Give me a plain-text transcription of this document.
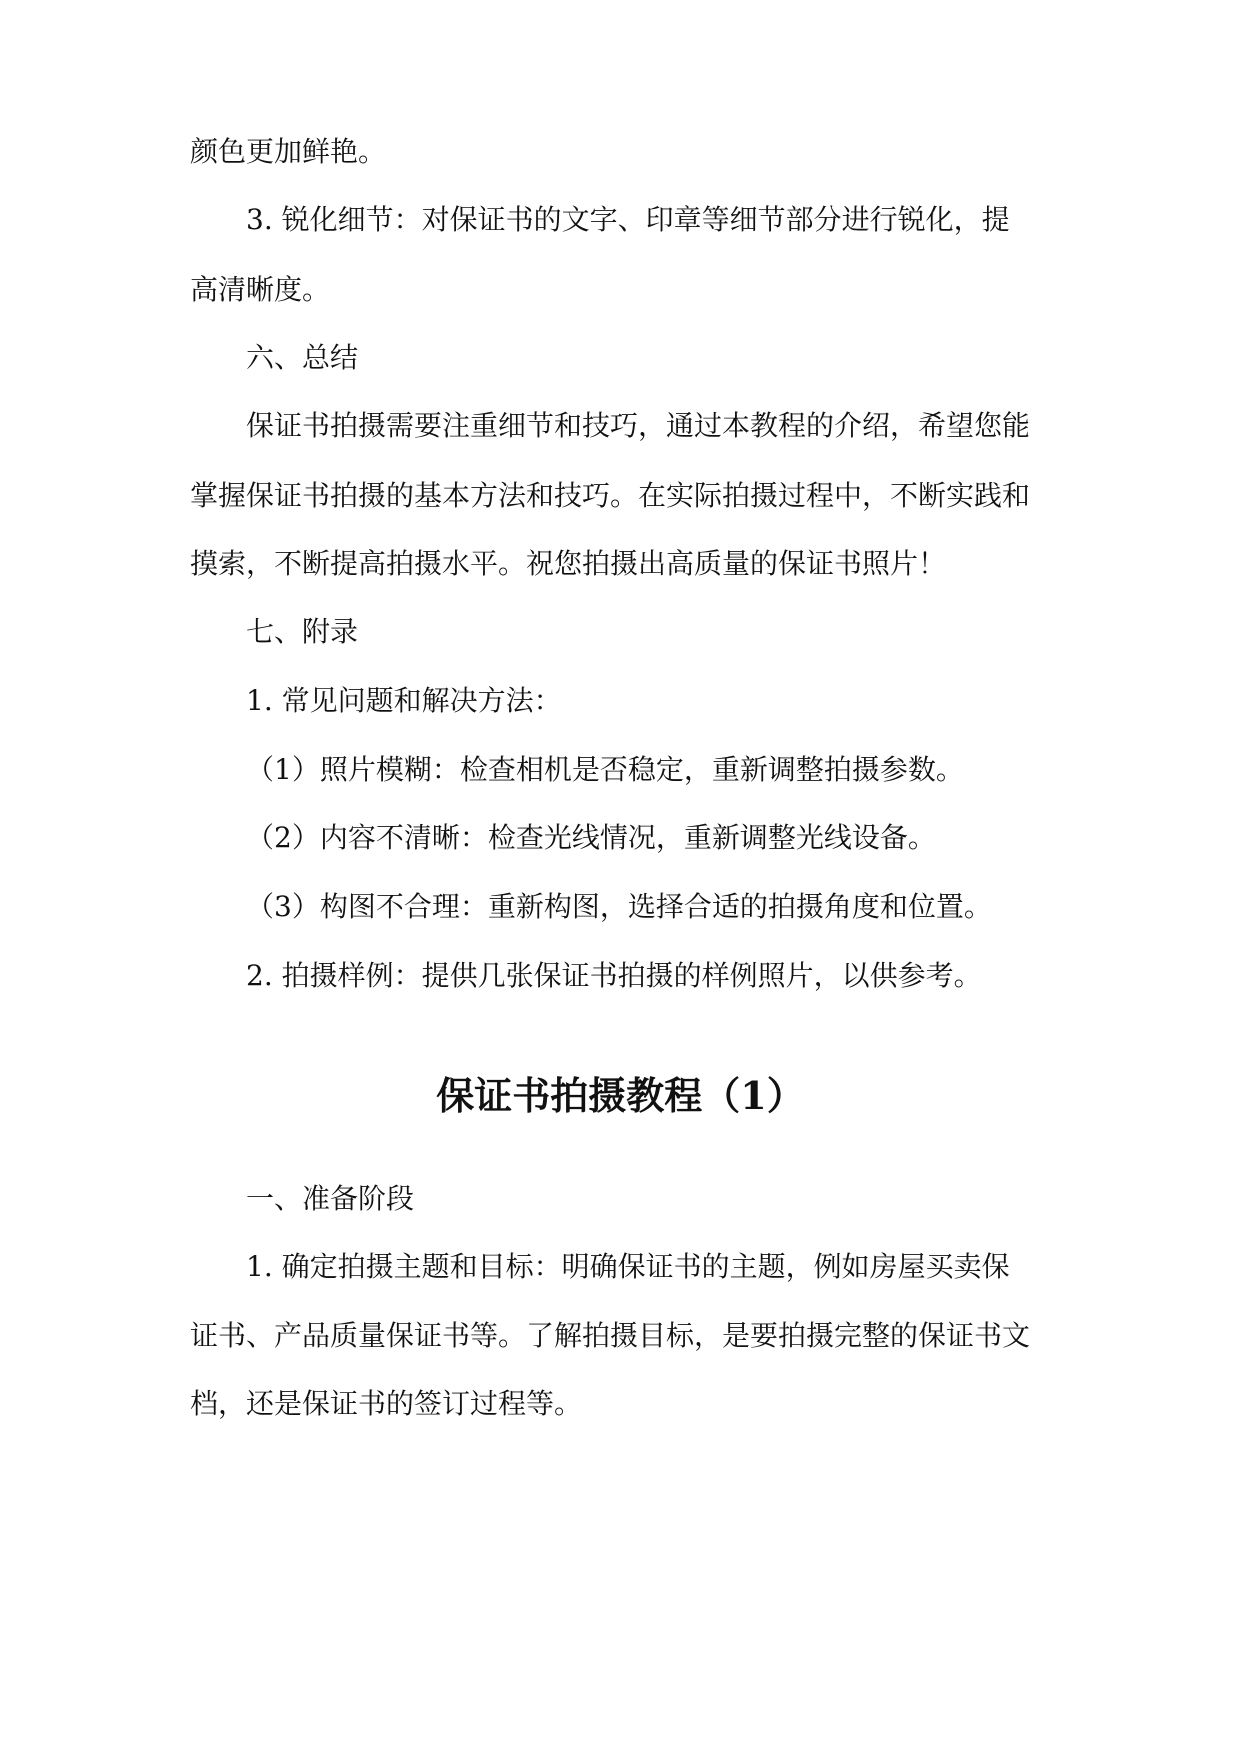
颜色更加鲜艳。
3. 锐化细节：对保证书的文字、印章等细节部分进行锐化，提
高清晰度。
六、总结
保证书拍摄需要注重细节和技巧，通过本教程的介绍，希望您能
掌握保证书拍摄的基本方法和技巧。在实际拍摄过程中，不断实践和
摸索，不断提高拍摄水平。祝您拍摄出高质量的保证书照片！
七、附录
1. 常见问题和解决方法：
（1）照片模糊：检查相机是否稳定，重新调整拍摄参数。
（2）内容不清晰：检查光线情况，重新调整光线设备。
（3）构图不合理：重新构图，选择合适的拍摄角度和位置。
2. 拍摄样例：提供几张保证书拍摄的样例照片，以供参考。
保证书拍摄教程（1）
一、准备阶段
1. 确定拍摄主题和目标：明确保证书的主题，例如房屋买卖保
证书、产品质量保证书等。了解拍摄目标，是要拍摄完整的保证书文
档，还是保证书的签订过程等。
